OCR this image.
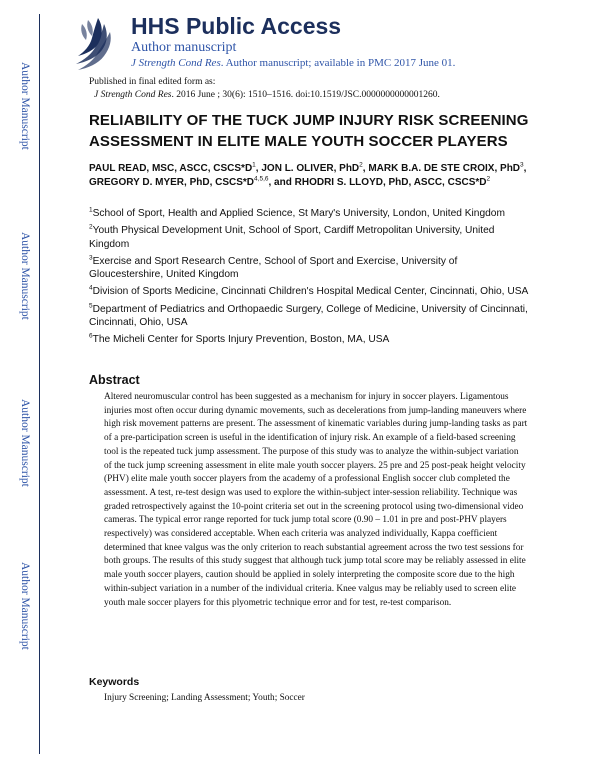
HHS Public Access
Author manuscript
J Strength Cond Res. Author manuscript; available in PMC 2017 June 01.
Author Manuscript
Author Manuscript
Author Manuscript
Author Manuscript
Published in final edited form as:
J Strength Cond Res. 2016 June ; 30(6): 1510–1516. doi:10.1519/JSC.0000000000001260.
RELIABILITY OF THE TUCK JUMP INJURY RISK SCREENING ASSESSMENT IN ELITE MALE YOUTH SOCCER PLAYERS
PAUL READ, MSC, ASCC, $CSCS*D^1$, JON L. OLIVER, PhD$^2$, MARK B.A. DE STE CROIX, PhD$^3$, GREGORY D. MYER, PhD, $CSCS*D^{4,5,6}$, and RHODRI S. LLOYD, PhD, ASCC, $CSCS*D^2$
$^1$School of Sport, Health and Applied Science, St Mary's University, London, United Kingdom
$^2$Youth Physical Development Unit, School of Sport, Cardiff Metropolitan University, United Kingdom
$^3$Exercise and Sport Research Centre, School of Sport and Exercise, University of Gloucestershire, United Kingdom
$^4$Division of Sports Medicine, Cincinnati Children's Hospital Medical Center, Cincinnati, Ohio, USA
$^5$Department of Pediatrics and Orthopaedic Surgery, College of Medicine, University of Cincinnati, Cincinnati, Ohio, USA
$^6$The Micheli Center for Sports Injury Prevention, Boston, MA, USA
Abstract
Altered neuromuscular control has been suggested as a mechanism for injury in soccer players. Ligamentous injuries most often occur during dynamic movements, such as decelerations from jump-landing maneuvers where high risk movement patterns are present. The assessment of kinematic variables during jump-landing tasks as part of a pre-participation screen is useful in the identification of injury risk. An example of a field-based screening tool is the repeated tuck jump assessment. The purpose of this study was to analyze the within-subject variation of the tuck jump screening assessment in elite male youth soccer players. 25 pre and 25 post-peak height velocity (PHV) elite male youth soccer players from the academy of a professional English soccer club completed the assessment. A test, re-test design was used to explore the within-subject inter-session reliability. Technique was graded retrospectively against the 10-point criteria set out in the screening protocol using two-dimensional video cameras. The typical error range reported for tuck jump total score (0.90 – 1.01 in pre and post-PHV players respectively) was considered acceptable. When each criteria was analyzed individually, Kappa coefficient determined that knee valgus was the only criterion to reach substantial agreement across the two test sessions for both groups. The results of this study suggest that although tuck jump total score may be reliably assessed in elite male youth soccer players, caution should be applied in solely interpreting the composite score due to the high within-subject variation in a number of the individual criteria. Knee valgus may be reliably used to screen elite youth male soccer players for this plyometric technique error and for test, re-test comparison.
Keywords
Injury Screening; Landing Assessment; Youth; Soccer
